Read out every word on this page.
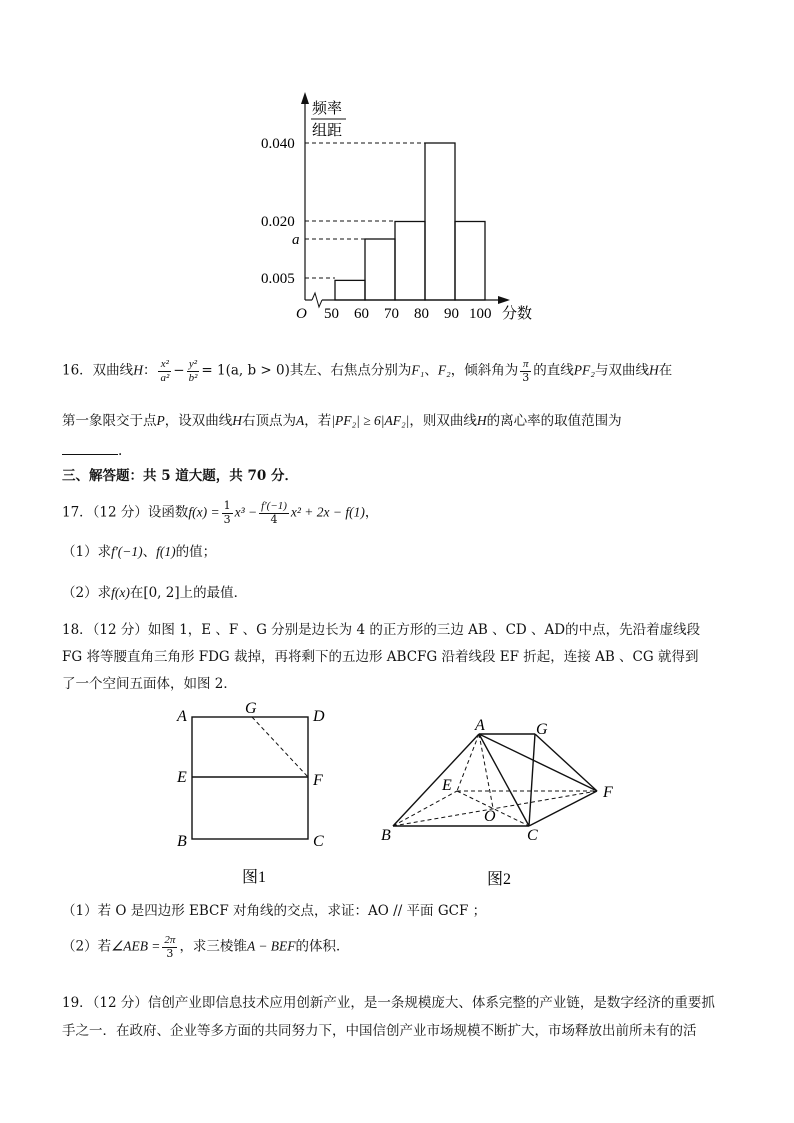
频率
组距
0.040
0.020
a
0.005
O 50 60 70 80 90 100 分数
16．双曲线H： $\frac{\text{x²}}{\text{a²}} - \frac{\text{y²}}{\text{b²}} = 1(a$, b > 0)其左、右焦点分别为F₁、F₂，倾斜角为 $\frac{\pi}{3}$ 的直线PF₂与双曲线H在
第一象限交于点P，设双曲线H右顶点为A，若|PF₂| ≥ 6|AF₂|，则双曲线H的离心率的取值范围为
.
三、解答题：共 5 道大题，共 70 分．
17．（12 分）设函数$f(x) = \frac{1}{3} x^3 - \frac{f'(-1)}{4} x^2 + 2x - f(1)$，
（1）求f′(−1)、f(1)的值；
（2）求f(x)在[0, 2]上的最值．
18．（12 分）如图 1，E 、F 、G 分别是边长为 4 的正方形的三边 AB 、CD 、AD的中点，先沿着虚线段
FG 将等腰直角三角形 FDG 裁掉，再将剩下的五边形 ABCFG 沿着线段 EF 折起，连接 AB 、CG 就得到
了一个空间五面体，如图 2．
A	G	D
E	F
B	C
图1
A	G
E	F
O
B	C
图2
（1）若 O 是四边形 EBCF 对角线的交点，求证：AO // 平面 GCF ；
（2）若∠AEB = $\frac{2\pi}{3}$ ，求三棱锥A − BEF的体积．
19．（12 分）信创产业即信息技术应用创新产业，是一条规模庞大、体系完整的产业链，是数字经济的重要抓
手之一．在政府、企业等多方面的共同努力下，中国信创产业市场规模不断扩大，市场释放出前所未有的活
